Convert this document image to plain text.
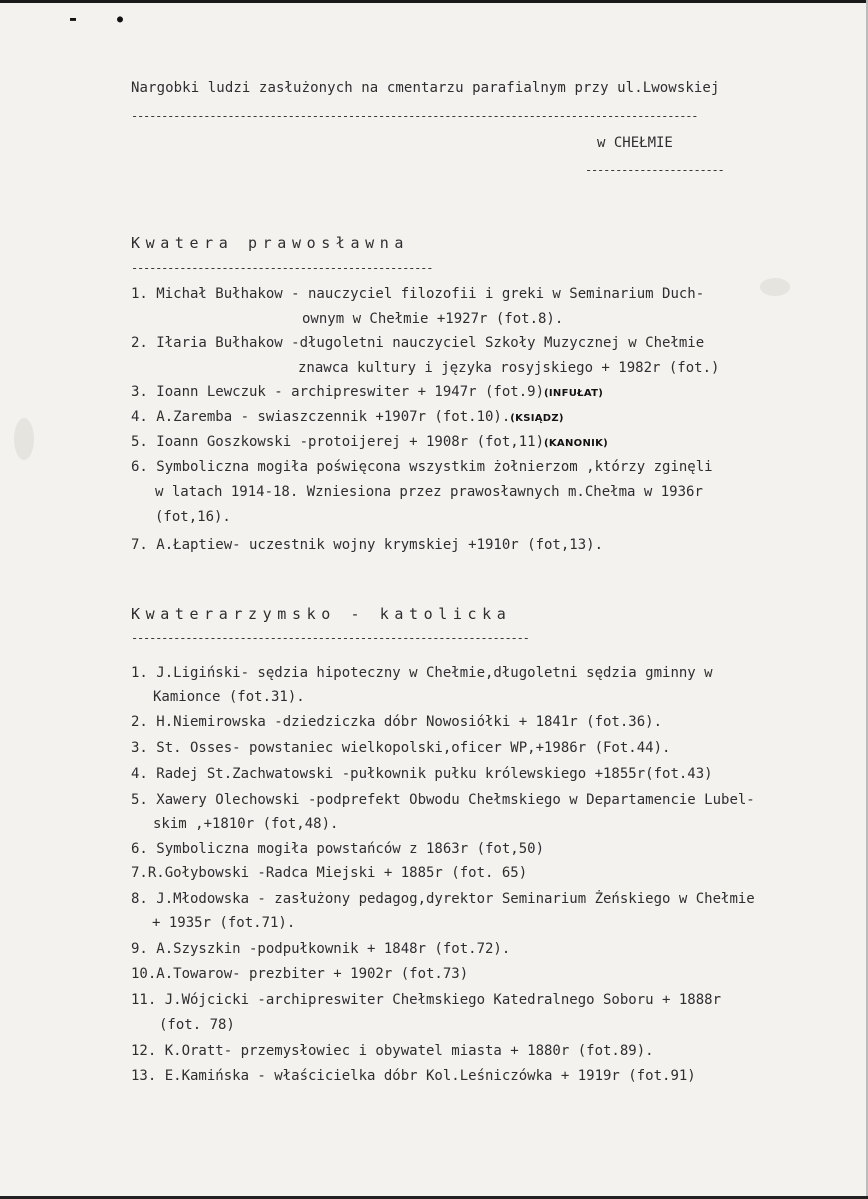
▬	●
Nargobki ludzi zasłużonych na cmentarzu parafialnym przy ul.Lwowskiej
----------------------------------------------------------------------------------------------
w CHEŁMIE
-----------------------
Kwatera prawosławna
--------------------------------------------------
1. Michał Bułhakow - nauczyciel filozofii i greki w Seminarium Duch-
ownym w Chełmie +1927r (fot.8).
2. Iłaria Bułhakow -długoletni nauczyciel Szkoły Muzycznej w Chełmie
znawca kultury i języka rosyjskiego + 1982r (fot.)
3. Ioann Lewczuk - archipreswiter + 1947r (fot.9)(INFUŁAT)
4. A.Zaremba - swiaszczennik +1907r (fot.10).(KSIĄDZ)
5. Ioann Goszkowski -protoijerej + 1908r (fot,11)(KANONIK)
6. Symboliczna mogiła poświęcona wszystkim żołnierzom ,którzy zginęli
w latach 1914-18. Wzniesiona przez prawosławnych m.Chełma w 1936r
(fot,16).
7. A.Łaptiew- uczestnik wojny krymskiej +1910r (fot,13).
Kwaterarzymsko - katolicka
------------------------------------------------------------------
1. J.Ligiński- sędzia hipoteczny w Chełmie,długoletni sędzia gminny w
Kamionce (fot.31).
2. H.Niemirowska -dziedziczka dóbr Nowosiółki + 1841r (fot.36).
3. St. Osses- powstaniec wielkopolski,oficer WP,+1986r (Fot.44).
4. Radej St.Zachwatowski -pułkownik pułku królewskiego +1855r(fot.43)
5. Xawery Olechowski -podprefekt Obwodu Chełmskiego w Departamencie Lubel-
skim ,+1810r (fot,48).
6. Symboliczna mogiła powstańców z 1863r (fot,50)
7.R.Gołybowski -Radca Miejski + 1885r (fot. 65)
8. J.Młodowska - zasłużony pedagog,dyrektor Seminarium Żeńskiego w Chełmie
+ 1935r (fot.71).
9. A.Szyszkin -podpułkownik + 1848r (fot.72).
10.A.Towarow- prezbiter + 1902r (fot.73)
11. J.Wójcicki -archipreswiter Chełmskiego Katedralnego Soboru + 1888r
(fot. 78)
12. K.Oratt- przemysłowiec i obywatel miasta + 1880r (fot.89).
13. E.Kamińska - właścicielka dóbr Kol.Leśniczówka + 1919r (fot.91)
